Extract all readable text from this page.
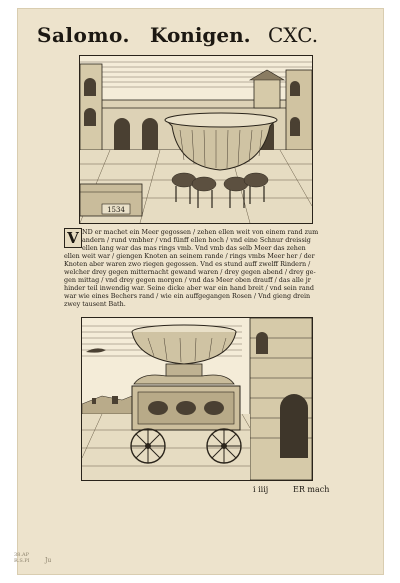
Salomo. Konigen. CXC.
1534
V ND er machet ein Meer gegossen / zehen ellen weit von einem rand zum
andern / rund vmbher / vnd fünff ellen hoch / vnd eine Schnur dreissig
ellen lang war das mas rings vmb. Vnd vmb das selb Meer das zehen
ellen weit war / giengen Knoten an seinem rande / rings vmbs Meer her / der
Knoten aber waren zwo riegen gegossen. Vnd es stund auff zwelff Rindern /
welcher drey gegen mitternacht gewand waren / drey gegen abend / drey ge-
gen mittag / vnd drey gegen morgen / vnd das Meer oben drauff / das alle jr
hinder teil inwendig war. Seine dicke aber war ein hand breit / vnd sein rand
war wie eines Bechers rand / wie ein auffgegangen Rosen / Vnd gieng drein
zwey tausent Bath.
i iiij	ER mach
38.AP
R.S.PI	Ju
